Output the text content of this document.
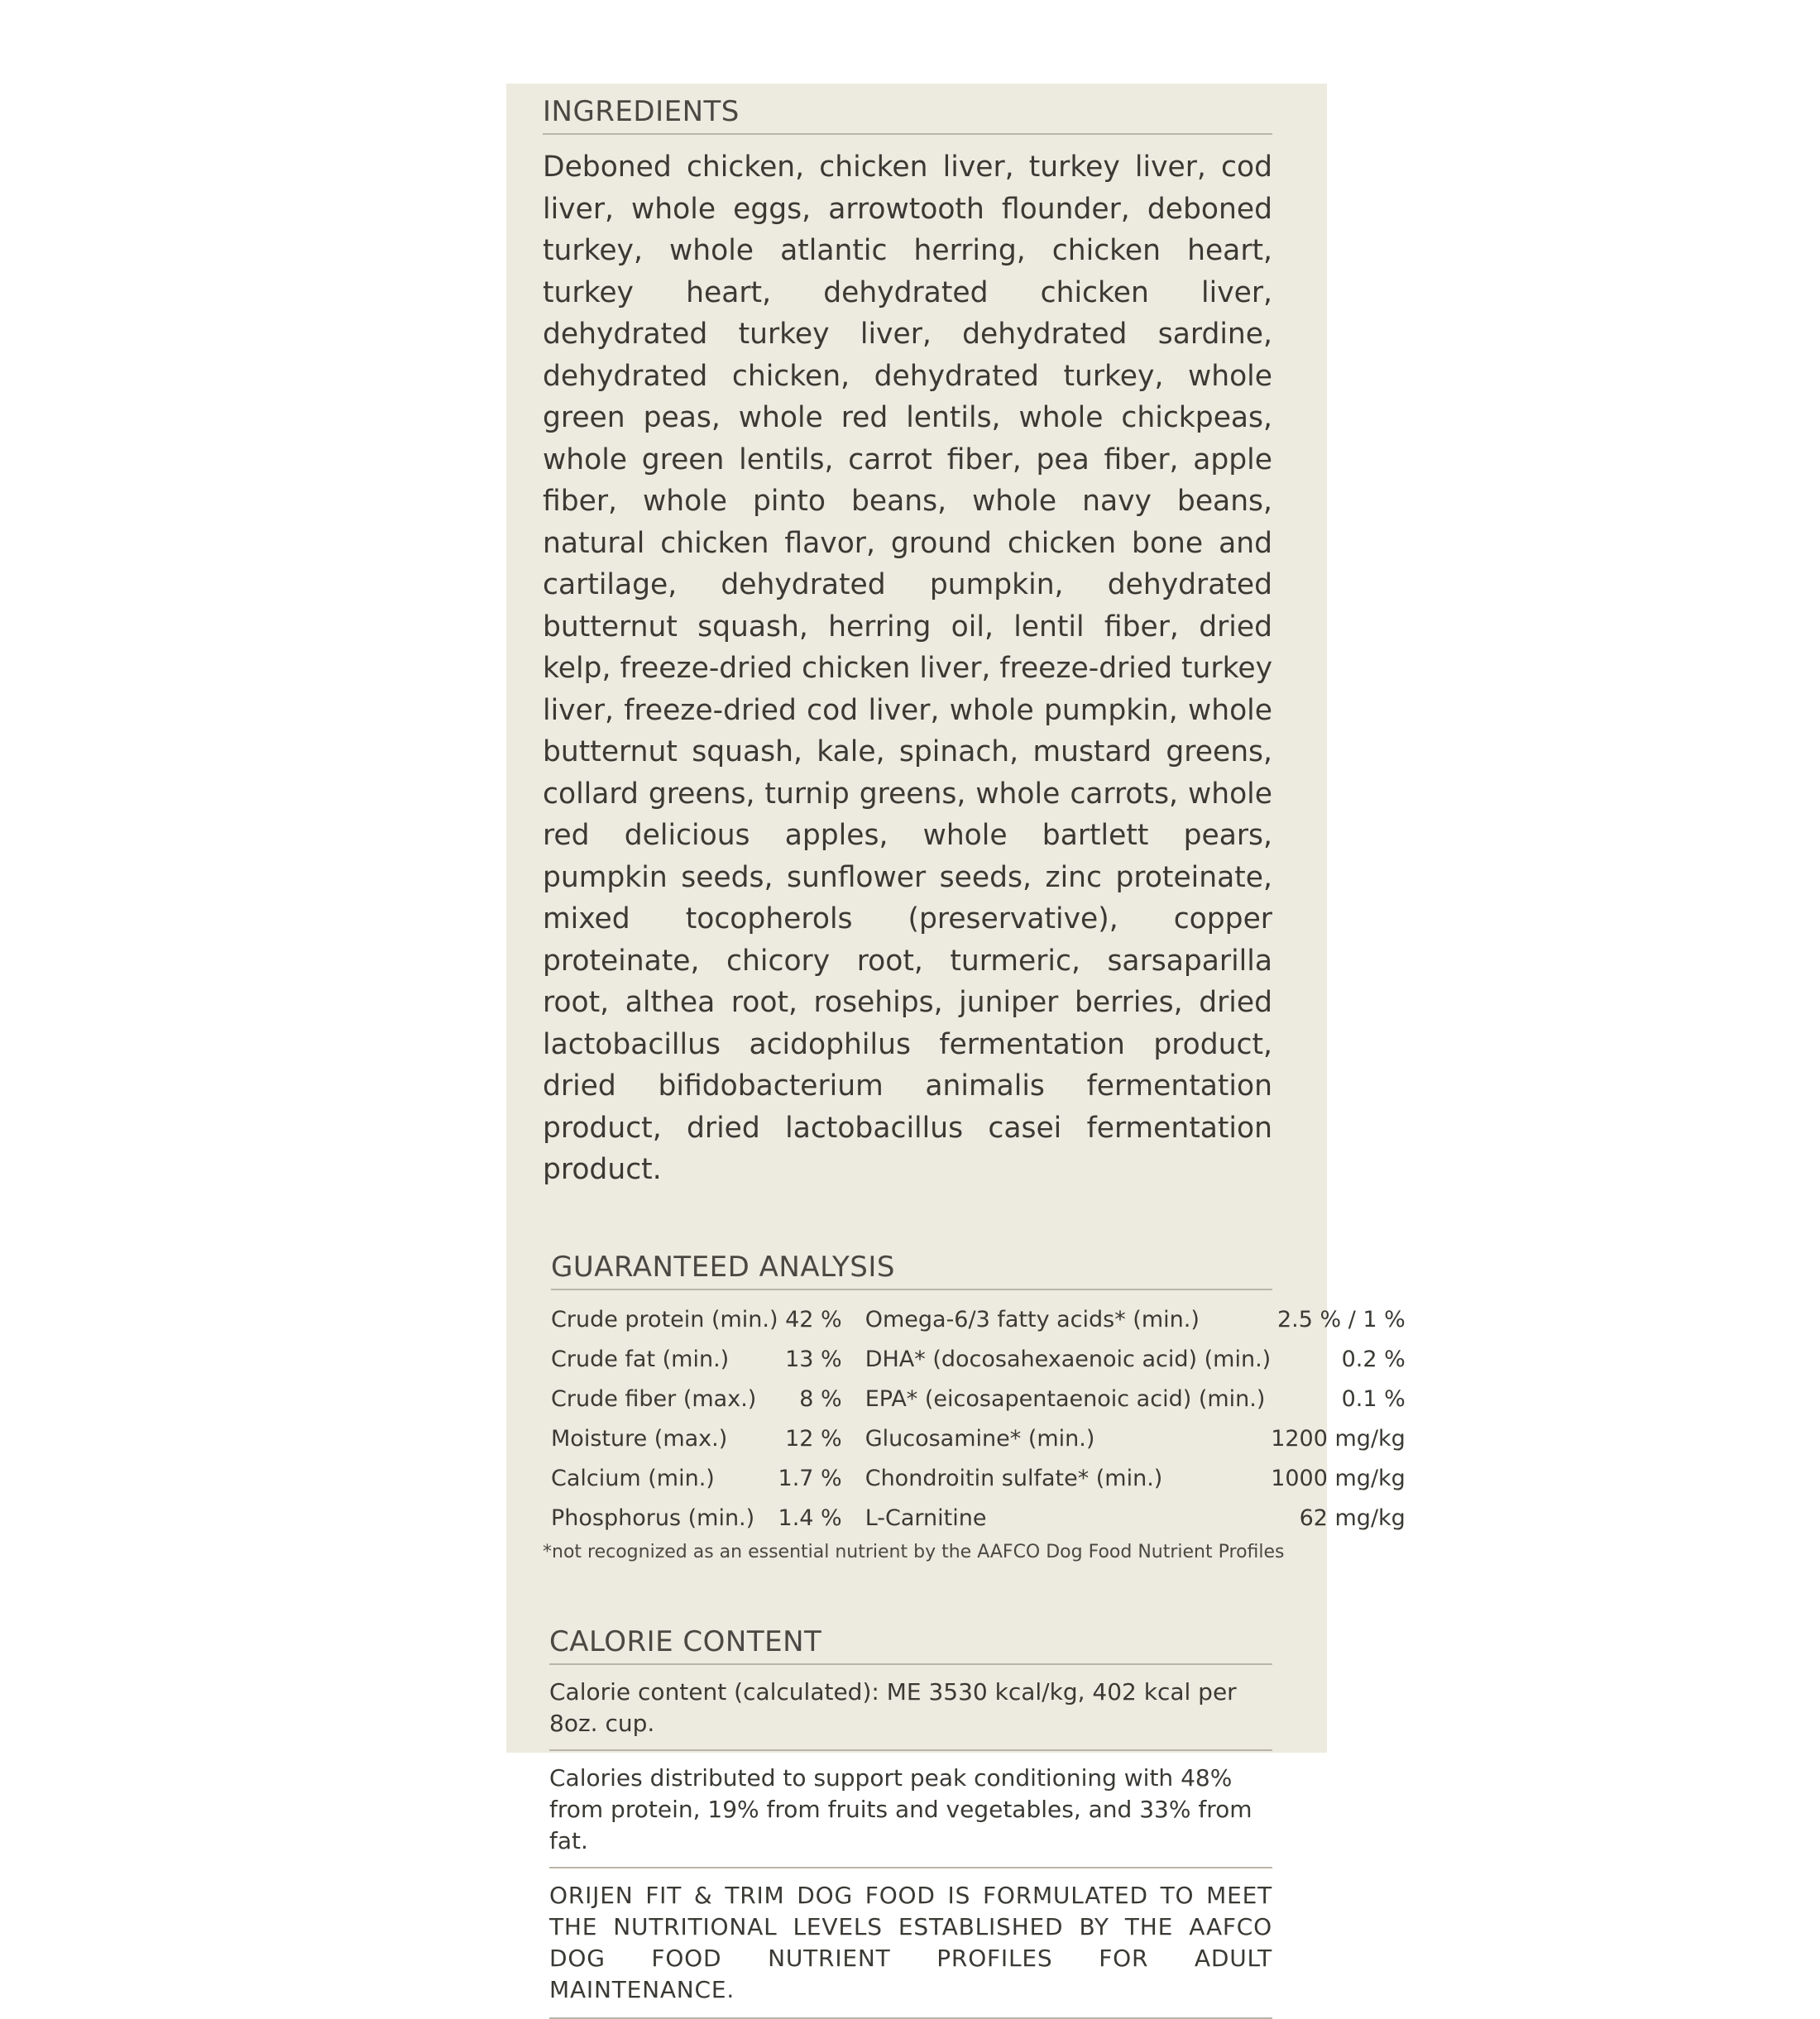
INGREDIENTS

Deboned chicken, chicken liver, turkey liver, cod liver, whole eggs, arrowtooth flounder, deboned turkey, whole atlantic herring, chicken heart, turkey heart, dehydrated chicken liver, dehydrated turkey liver, dehydrated sardine, dehydrated chicken, dehydrated turkey, whole green peas, whole red lentils, whole chickpeas, whole green lentils, carrot fiber, pea fiber, apple fiber, whole pinto beans, whole navy beans, natural chicken flavor, ground chicken bone and cartilage, dehydrated pumpkin, dehydrated butternut squash, herring oil, lentil fiber, dried kelp, freeze-dried chicken liver, freeze-dried turkey liver, freeze-dried cod liver, whole pumpkin, whole butternut squash, kale, spinach, mustard greens, collard greens, turnip greens, whole carrots, whole red delicious apples, whole bartlett pears, pumpkin seeds, sunflower seeds, zinc proteinate, mixed tocopherols (preservative), copper proteinate, chicory root, turmeric, sarsaparilla root, althea root, rosehips, juniper berries, dried lactobacillus acidophilus fermentation product, dried bifidobacterium animalis fermentation product, dried lactobacillus casei fermentation product.

GUARANTEED ANALYSIS
Crude protein (min.)	42 %	Omega-6/3 fatty acids* (min.)	2.5 % / 1 %
Crude fat (min.)	13 %	DHA* (docosahexaenoic acid) (min.)	0.2 %
Crude fiber (max.)	8 %	EPA* (eicosapentaenoic acid) (min.)	0.1 %
Moisture (max.)	12 %	Glucosamine* (min.)	1200 mg/kg
Calcium (min.)	1.7 %	Chondroitin sulfate* (min.)	1000 mg/kg
Phosphorus (min.)	1.4 %	L-Carnitine	62 mg/kg

*not recognized as an essential nutrient by the AAFCO Dog Food Nutrient Profiles

CALORIE CONTENT

Calorie content (calculated): ME 3530 kcal/kg, 402 kcal per 8oz. cup.

Calories distributed to support peak conditioning with 48% from protein, 19% from fruits and vegetables, and 33% from fat.

ORIJEN FIT & TRIM DOG FOOD IS FORMULATED TO MEET THE NUTRITIONAL LEVELS ESTABLISHED BY THE AAFCO DOG FOOD NUTRIENT PROFILES FOR ADULT MAINTENANCE.
